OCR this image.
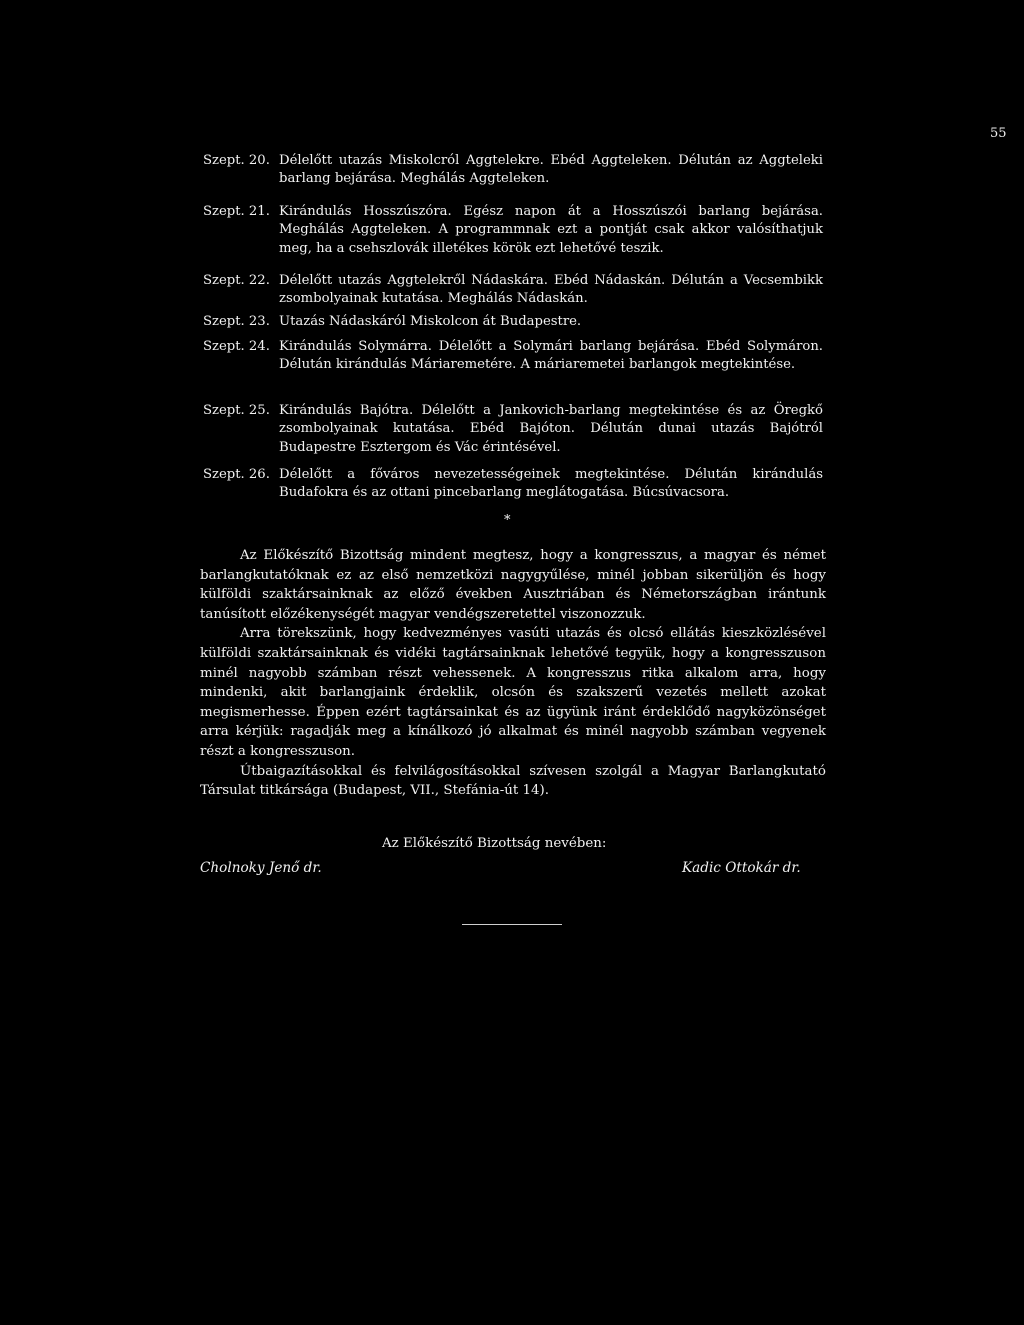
55
Szept. 20. Délelőtt utazás Miskolcról Aggtelekre. Ebéd Aggteleken. Délután az Aggteleki barlang bejárása. Meghálás Aggteleken.
Szept. 21. Kirándulás Hosszúszóra. Egész napon át a Hosszúszói barlang bejárása. Meghálás Aggteleken. A programmnak ezt a pontját csak akkor valósíthatjuk meg, ha a csehszlovák illetékes körök ezt lehetővé teszik.
Szept. 22. Délelőtt utazás Aggtelekről Nádaskára. Ebéd Nádaskán. Délután a Vecsembikk zsombolyainak kutatása. Meghálás Nádaskán.
Szept. 23. Utazás Nádaskáról Miskolcon át Budapestre.
Szept. 24. Kirándulás Solymárra. Délelőtt a Solymári barlang bejárása. Ebéd Solymáron. Délután kirándulás Máriaremetére. A máriaremetei barlangok megtekintése.
Szept. 25. Kirándulás Bajótra. Délelőtt a Jankovich-barlang megtekintése és az Öregkő zsombolyainak kutatása. Ebéd Bajóton. Délután dunai utazás Bajótról Budapestre Esztergom és Vác érintésével.
Szept. 26. Délelőtt a főváros nevezetességeinek megtekintése. Délután kirándulás Budafokra és az ottani pincebarlang meglátogatása. Búcsúvacsora.
*

Az Előkészítő Bizottság mindent megtesz, hogy a kongresszus, a magyar és német barlangkutatóknak ez az első nemzetközi nagygyűlése, minél jobban sikerüljön és hogy külföldi szaktársainknak az előző években Ausztriában és Németországban irántunk tanúsított előzékenységét magyar vendégszeretettel viszonozzuk.

Arra törekszünk, hogy kedvezményes vasúti utazás és olcsó ellátás kieszközlésével külföldi szaktársainknak és vidéki tagtársainknak lehetővé tegyük, hogy a kongresszuson minél nagyobb számban részt vehessenek. A kongresszus ritka alkalom arra, hogy mindenki, akit barlangjaink érdeklik, olcsón és szakszerű vezetés mellett azokat megismerhesse. Éppen ezért tagtársainkat és az ügyünk iránt érdeklődő nagyközönséget arra kérjük: ragadják meg a kínálkozó jó alkalmat és minél nagyobb számban vegyenek részt a kongresszuson.

Útbaigazításokkal és felvilágosításokkal szívesen szolgál a Magyar Barlangkutató Társulat titkársága (Budapest, VII., Stefánia-út 14).

Az Előkészítő Bizottság nevében:
Cholnoky Jenő dr.	Kadic Ottokár dr.
